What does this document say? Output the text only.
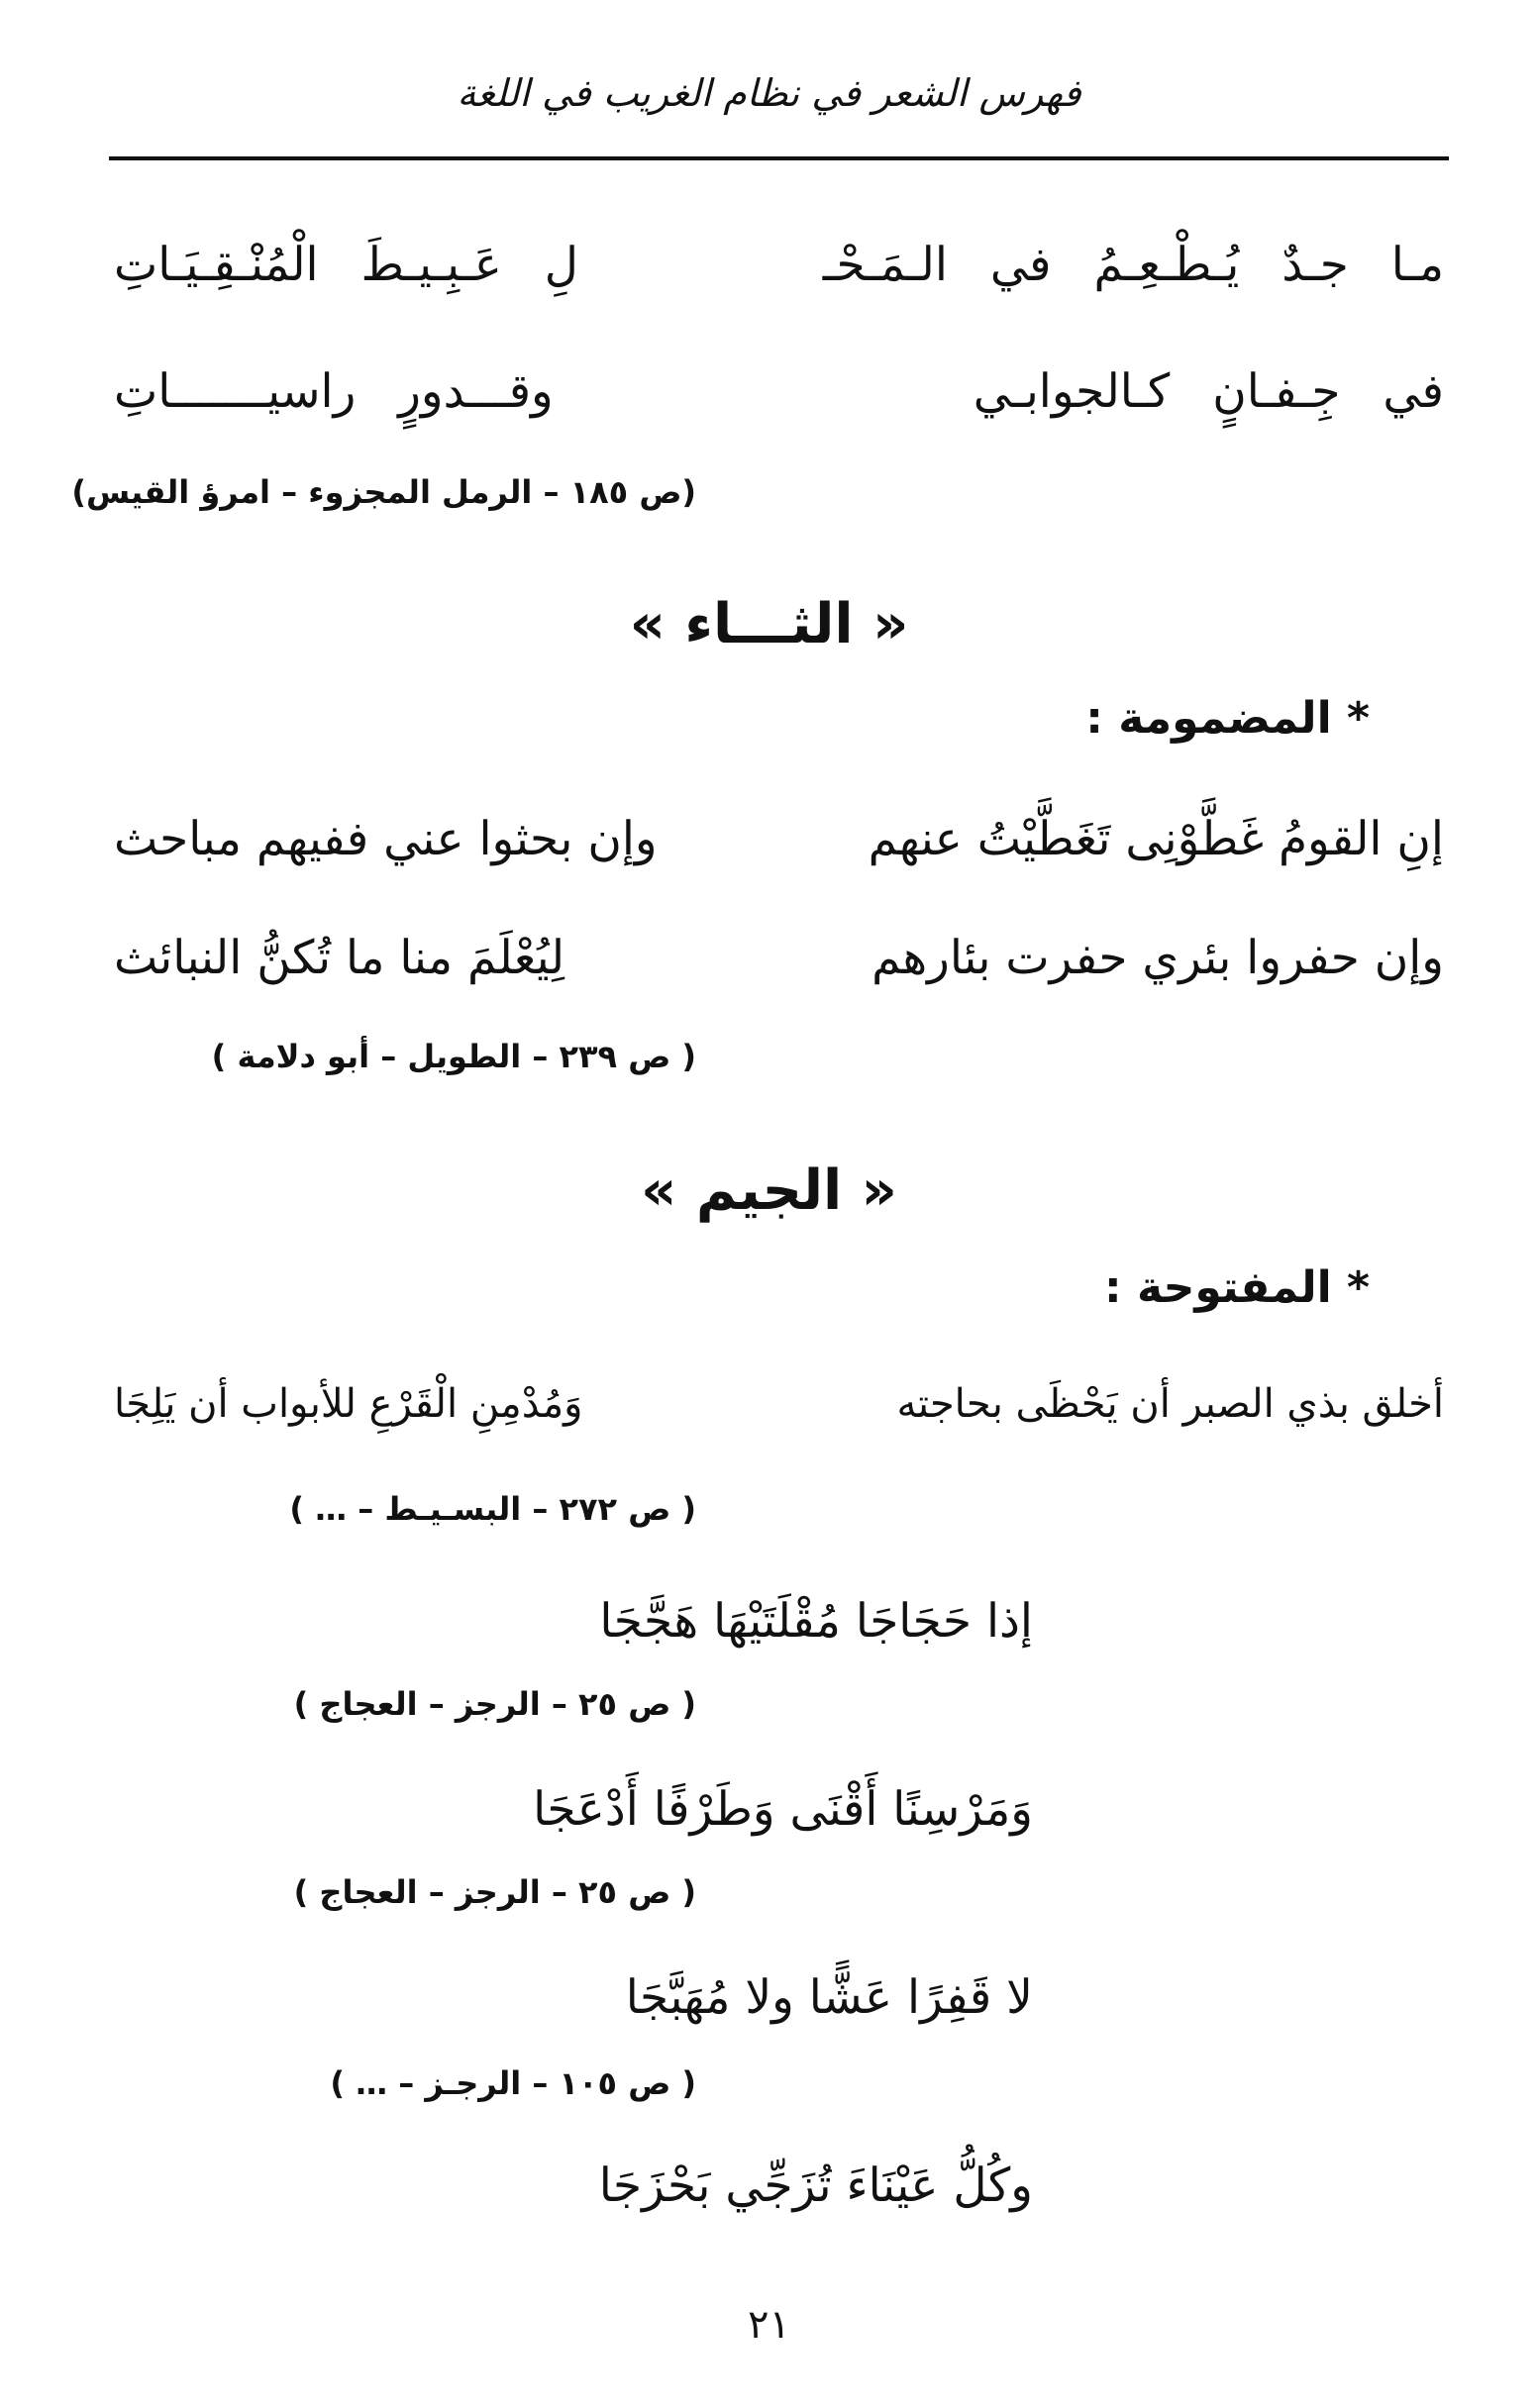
فهرس الشعر في نظام الغريب في اللغة
مـا جـدٌ يُـطْـعِـمُ في الـمَـحْـ
لِ عَـبِـيـطَ الْمُنْـقِـيَـاتِ
في جِـفـانٍ كـالجوابـي
وقـــدورٍ راسيـــــــاتِ
(ص ١٨٥ – الرمل المجزوء – امرؤ القيس)
« الثـــاء »
* المضمومة :
إنِ القومُ غَطَّوْنِى تَغَطَّيْتُ عنهم
وإن بحثوا عني ففيهم مباحث
وإن حفروا بئري حفرت بئارهم
لِيُعْلَمَ منا ما تُكنُّ النبائث
( ص ٢٣٩ – الطويل – أبو دلامة )
« الجيم »
* المفتوحة :
أخلق بذي الصبر أن يَحْظَى بحاجته
وَمُدْمِنِ الْقَرْعِ للأبواب أن يَلِجَا
( ص ٢٧٢ – البسـيـط – … )
إذا حَجَاجَا مُقْلَتَيْهَا هَجَّجَا
( ص ٢٥ – الرجز – العجاج )
وَمَرْسِنًا أَقْنَى وَطَرْفًا أَدْعَجَا
( ص ٢٥ – الرجز – العجاج )
لا قَفِرًا عَشًّا ولا مُهَبَّجَا
( ص ١٠٥ – الرجـز – … )
وكُلُّ عَيْنَاءَ تُزَجِّي بَحْزَجَا
٢١
